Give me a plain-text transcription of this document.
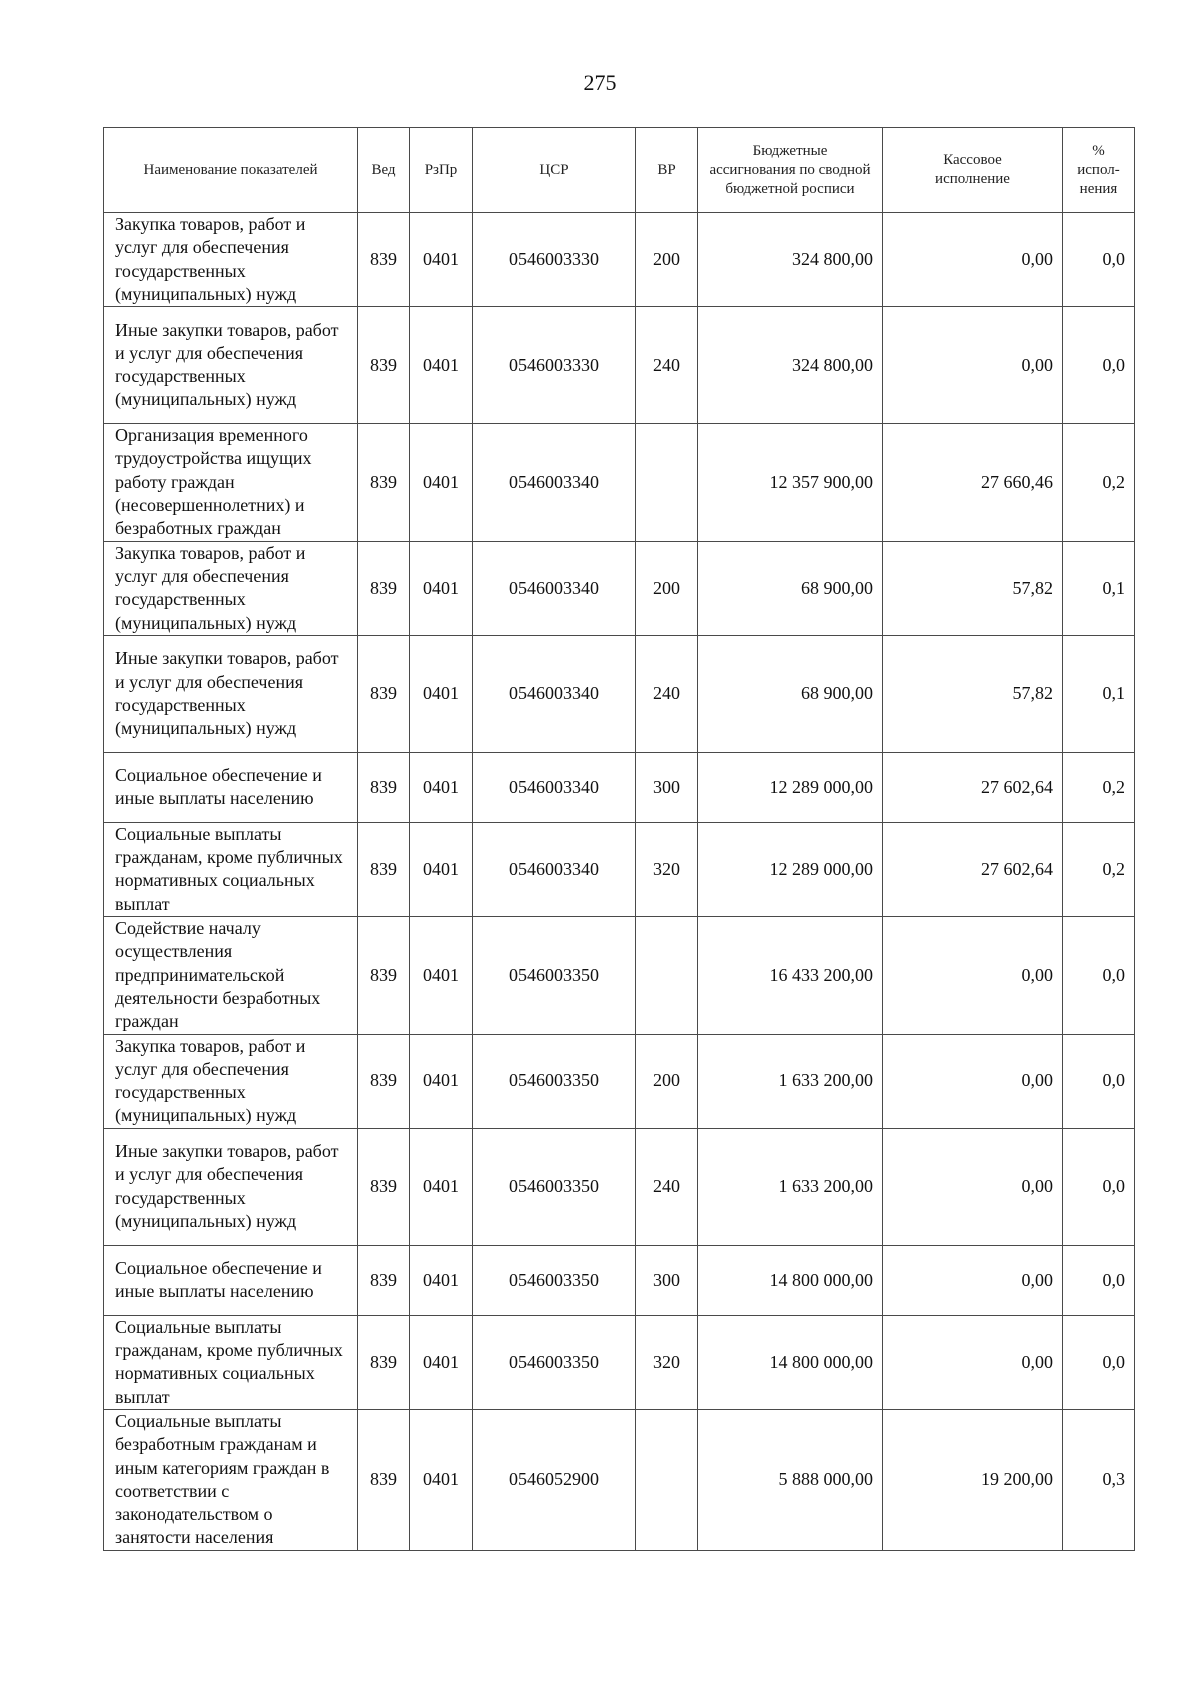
275
Наименование показателей	Вед	РзПр	ЦСР	ВР	Бюджетные ассигнования по сводной бюджетной росписи	Кассовое исполнение	% испол-нения
Закупка товаров, работ и услуг для обеспечения государственных (муниципальных) нужд	839	0401	0546003330	200	324 800,00	0,00	0,0
Иные закупки товаров, работ и услуг для обеспечения государственных (муниципальных) нужд	839	0401	0546003330	240	324 800,00	0,00	0,0
Организация временного трудоустройства ищущих работу граждан (несовершеннолетних) и безработных граждан	839	0401	0546003340		12 357 900,00	27 660,46	0,2
Закупка товаров, работ и услуг для обеспечения государственных (муниципальных) нужд	839	0401	0546003340	200	68 900,00	57,82	0,1
Иные закупки товаров, работ и услуг для обеспечения государственных (муниципальных) нужд	839	0401	0546003340	240	68 900,00	57,82	0,1
Социальное обеспечение и иные выплаты населению	839	0401	0546003340	300	12 289 000,00	27 602,64	0,2
Социальные выплаты гражданам, кроме публичных нормативных социальных выплат	839	0401	0546003340	320	12 289 000,00	27 602,64	0,2
Содействие началу осуществления предпринимательской деятельности безработных граждан	839	0401	0546003350		16 433 200,00	0,00	0,0
Закупка товаров, работ и услуг для обеспечения государственных (муниципальных) нужд	839	0401	0546003350	200	1 633 200,00	0,00	0,0
Иные закупки товаров, работ и услуг для обеспечения государственных (муниципальных) нужд	839	0401	0546003350	240	1 633 200,00	0,00	0,0
Социальное обеспечение и иные выплаты населению	839	0401	0546003350	300	14 800 000,00	0,00	0,0
Социальные выплаты гражданам, кроме публичных нормативных социальных выплат	839	0401	0546003350	320	14 800 000,00	0,00	0,0
Социальные выплаты безработным гражданам и иным категориям граждан в соответствии с законодательством о занятости населения	839	0401	0546052900		5 888 000,00	19 200,00	0,3
